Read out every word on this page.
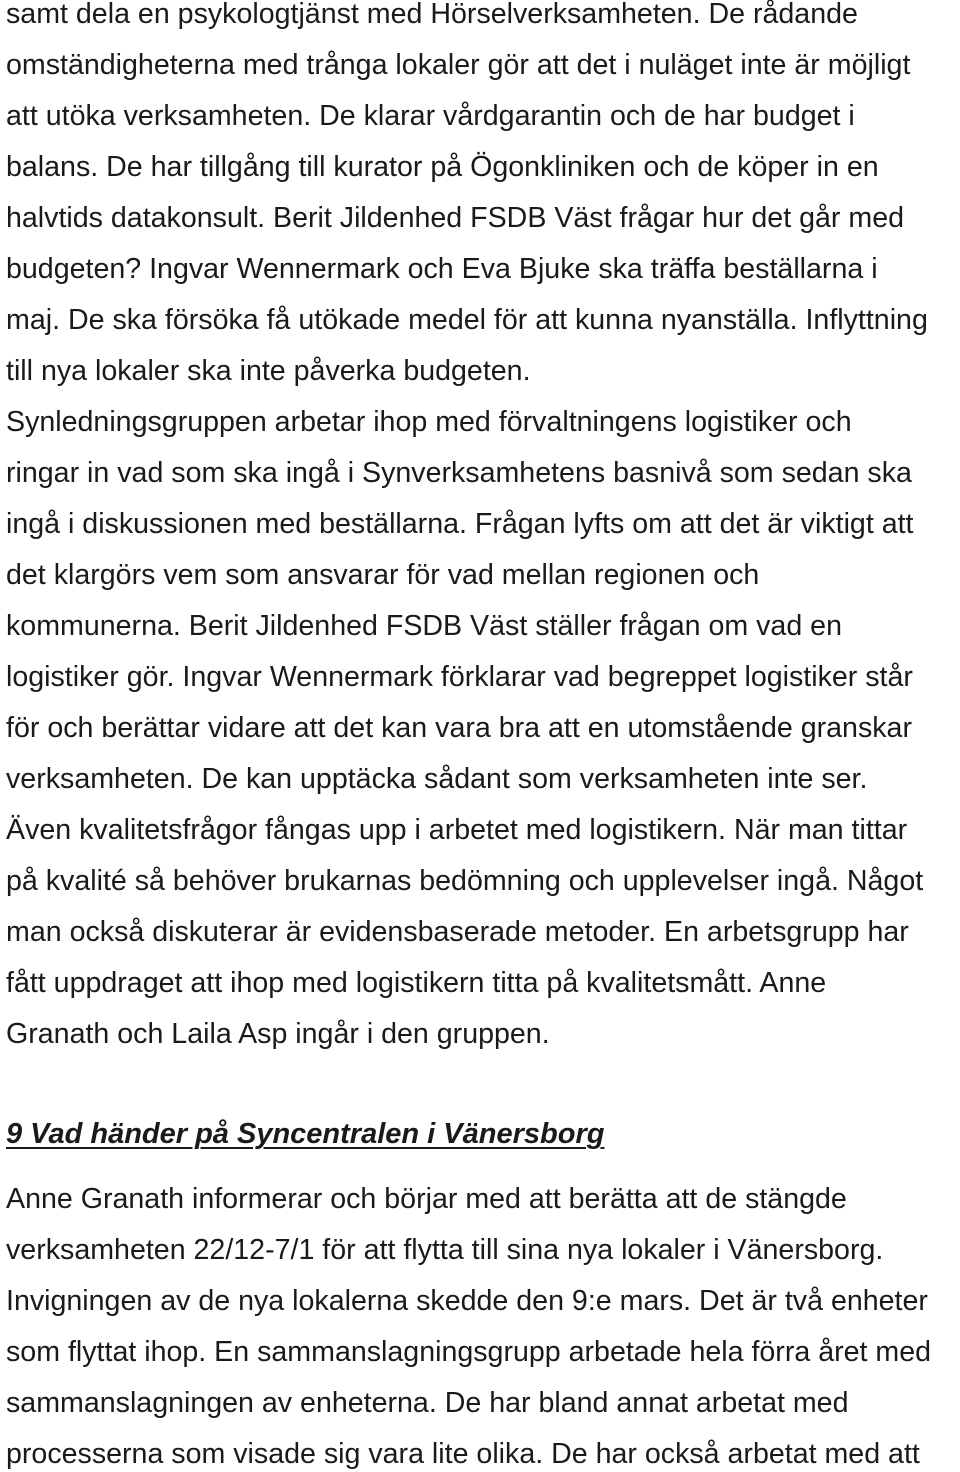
samt dela en psykologtjänst med Hörselverksamheten. De rådande

omständigheterna med trånga lokaler gör att det i nuläget inte är möjligt

att utöka verksamheten. De klarar vårdgarantin och de har budget i

balans. De har tillgång till kurator på Ögonkliniken och de köper in en

halvtids datakonsult. Berit Jildenhed FSDB Väst frågar hur det går med

budgeten? Ingvar Wennermark och Eva Bjuke ska träffa beställarna i

maj. De ska försöka få utökade medel för att kunna nyanställa. Inflyttning

till nya lokaler ska inte påverka budgeten.

Synledningsgruppen arbetar ihop med förvaltningens logistiker och

ringar in vad som ska ingå i Synverksamhetens basnivå som sedan ska

ingå i diskussionen med beställarna. Frågan lyfts om att det är viktigt att

det klargörs vem som ansvarar för vad mellan regionen och

kommunerna. Berit Jildenhed FSDB Väst ställer frågan om vad en

logistiker gör. Ingvar Wennermark förklarar vad begreppet logistiker står

för och berättar vidare att det kan vara bra att en utomstående granskar

verksamheten. De kan upptäcka sådant som verksamheten inte ser.

Även kvalitetsfrågor fångas upp i arbetet med logistikern. När man tittar

på kvalité så behöver brukarnas bedömning och upplevelser ingå. Något

man också diskuterar är evidensbaserade metoder. En arbetsgrupp har

fått uppdraget att ihop med logistikern titta på kvalitetsmått. Anne

Granath och Laila Asp ingår i den gruppen.

9 Vad händer på Syncentralen i Vänersborg

Anne Granath informerar och börjar med att berätta att de stängde

verksamheten 22/12-7/1 för att flytta till sina nya lokaler i Vänersborg.

Invigningen av de nya lokalerna skedde den 9:e mars. Det är två enheter

som flyttat ihop. En sammanslagningsgrupp arbetade hela förra året med

sammanslagningen av enheterna. De har bland annat arbetat med

processerna som visade sig vara lite olika. De har också arbetat med att
